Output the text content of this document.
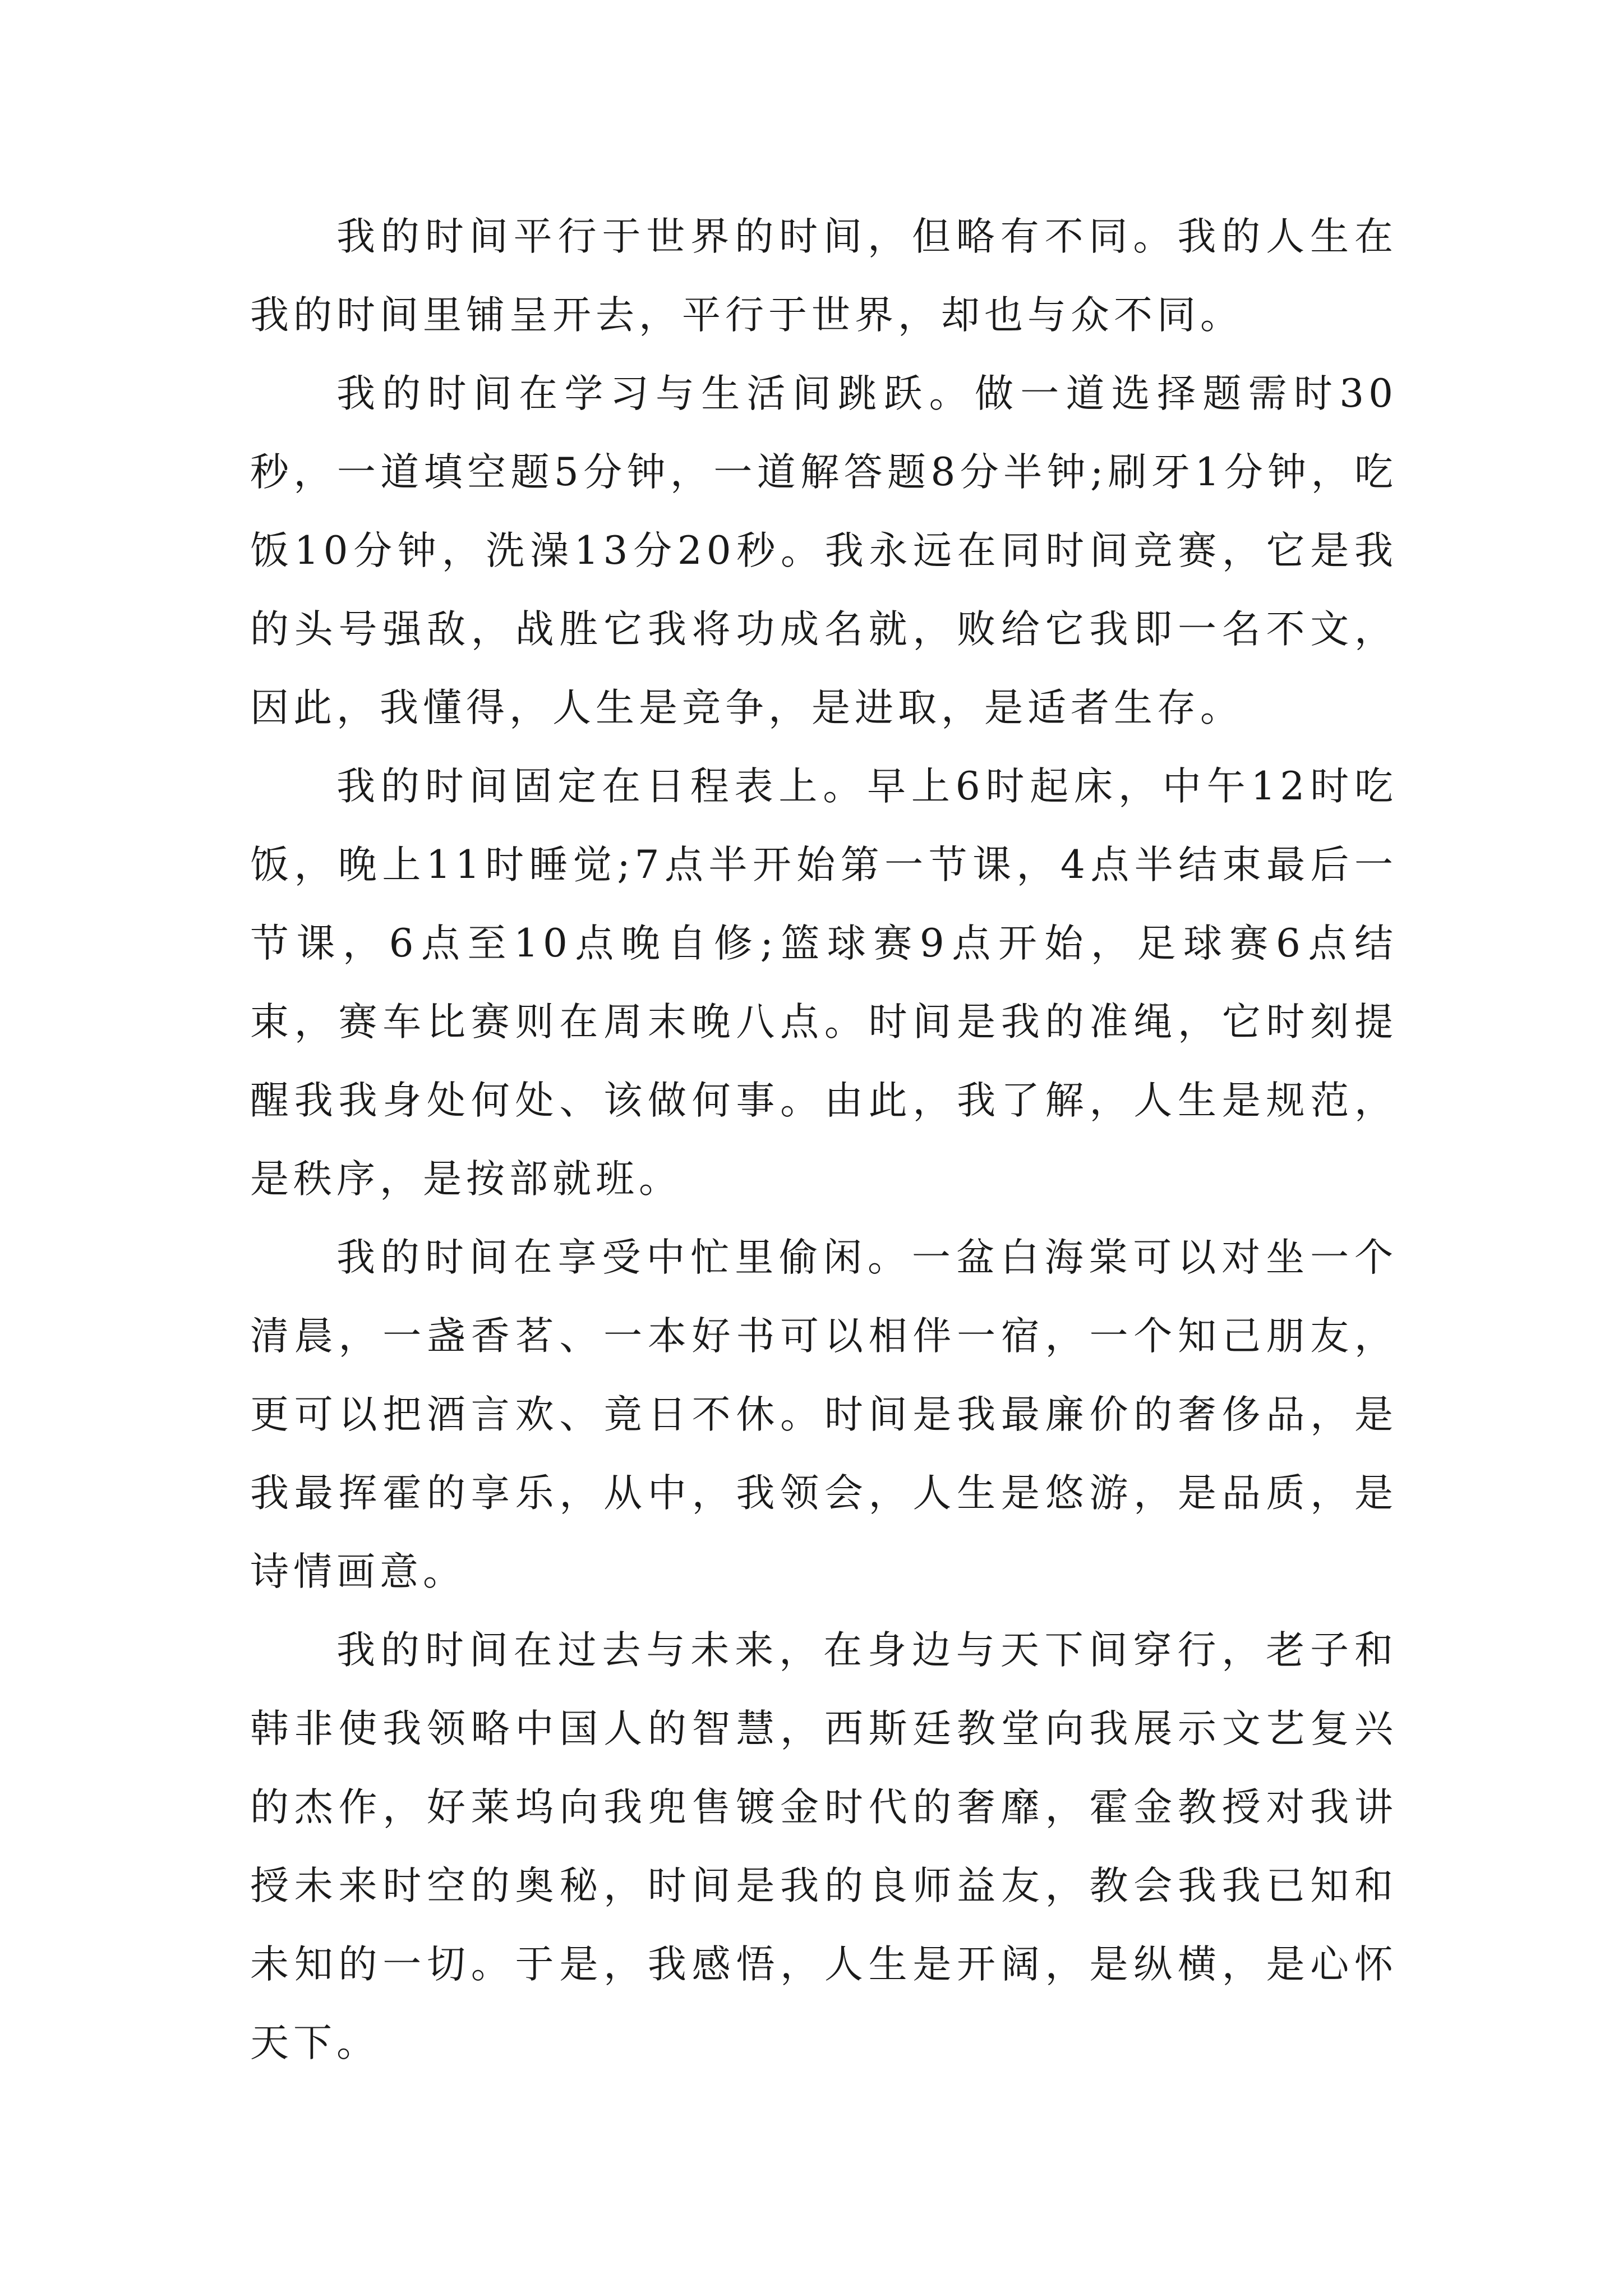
我的时间平行于世界的时间，但略有不同。我的人生在我的时间里铺呈开去，平行于世界，却也与众不同。

我的时间在学习与生活间跳跃。做一道选择题需时30秒，一道填空题5分钟，一道解答题8分半钟;刷牙1分钟，吃饭10分钟，洗澡13分20秒。我永远在同时间竞赛，它是我的头号强敌，战胜它我将功成名就，败给它我即一名不文，因此，我懂得，人生是竞争，是进取，是适者生存。

我的时间固定在日程表上。早上6时起床，中午12时吃饭，晚上11时睡觉;7点半开始第一节课，4点半结束最后一节课，6点至10点晚自修;篮球赛9点开始，足球赛6点结束，赛车比赛则在周末晚八点。时间是我的准绳，它时刻提醒我我身处何处、该做何事。由此，我了解，人生是规范，是秩序，是按部就班。

我的时间在享受中忙里偷闲。一盆白海棠可以对坐一个清晨，一盏香茗、一本好书可以相伴一宿，一个知己朋友，更可以把酒言欢、竟日不休。时间是我最廉价的奢侈品，是我最挥霍的享乐，从中，我领会，人生是悠游，是品质，是诗情画意。

我的时间在过去与未来，在身边与天下间穿行，老子和韩非使我领略中国人的智慧，西斯廷教堂向我展示文艺复兴的杰作，好莱坞向我兜售镀金时代的奢靡，霍金教授对我讲授未来时空的奥秘，时间是我的良师益友，教会我我已知和未知的一切。于是，我感悟，人生是开阔，是纵横，是心怀天下。
